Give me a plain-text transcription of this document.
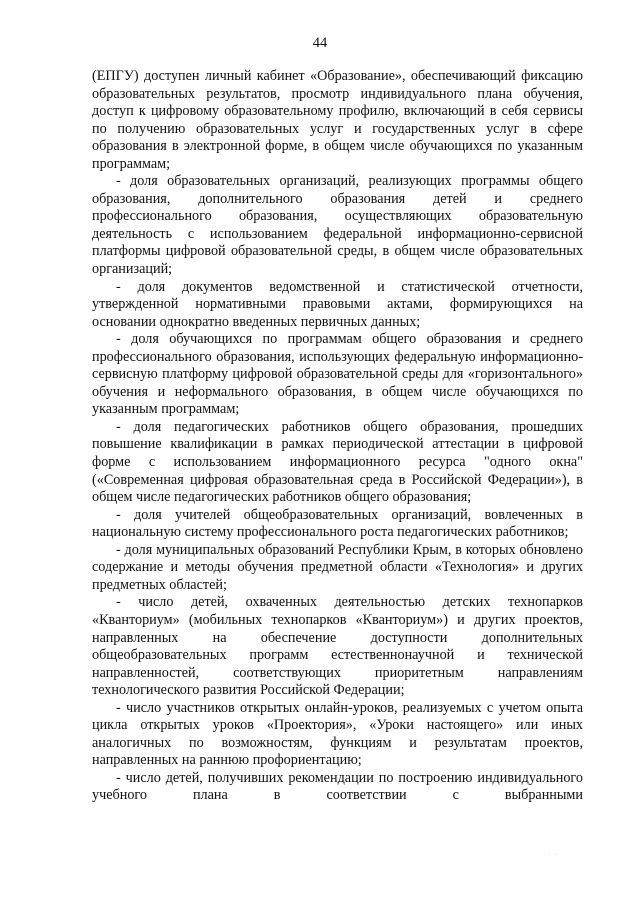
44

(ЕПГУ) доступен личный кабинет «Образование», обеспечивающий фиксацию образовательных результатов, просмотр индивидуального плана обучения, доступ к цифровому образовательному профилю, включающий в себя сервисы по получению образовательных услуг и государственных услуг в сфере образования в электронной форме, в общем числе обучающихся по указанным программам;

- доля образовательных организаций, реализующих программы общего образования, дополнительного образования детей и среднего профессионального образования, осуществляющих образовательную деятельность с использованием федеральной информационно-сервисной платформы цифровой образовательной среды, в общем числе образовательных организаций;

- доля документов ведомственной и статистической отчетности, утвержденной нормативными правовыми актами, формирующихся на основании однократно введенных первичных данных;

- доля обучающихся по программам общего образования и среднего профессионального образования, использующих федеральную информационно-сервисную платформу цифровой образовательной среды для «горизонтального» обучения и неформального образования, в общем числе обучающихся по указанным программам;

- доля педагогических работников общего образования, прошедших повышение квалификации в рамках периодической аттестации в цифровой форме с использованием информационного ресурса "одного окна" («Современная цифровая образовательная среда в Российской Федерации»), в общем числе педагогических работников общего образования;

- доля учителей общеобразовательных организаций, вовлеченных в национальную систему профессионального роста педагогических работников;

- доля муниципальных образований Республики Крым, в которых обновлено содержание и методы обучения предметной области «Технология» и других предметных областей;

- число детей, охваченных деятельностью детских технопарков «Кванториум» (мобильных технопарков «Кванториум») и других проектов, направленных на обеспечение доступности дополнительных общеобразовательных программ естественнонаучной и технической направленностей, соответствующих приоритетным направлениям технологического развития Российской Федерации;

- число участников открытых онлайн-уроков, реализуемых с учетом опыта цикла открытых уроков «Проектория», «Уроки настоящего» или иных аналогичных по возможностям, функциям и результатам проектов, направленных на раннюю профориентацию;

- число детей, получивших рекомендации по построению индивидуального учебного плана в соответствии с выбранными

· ·
